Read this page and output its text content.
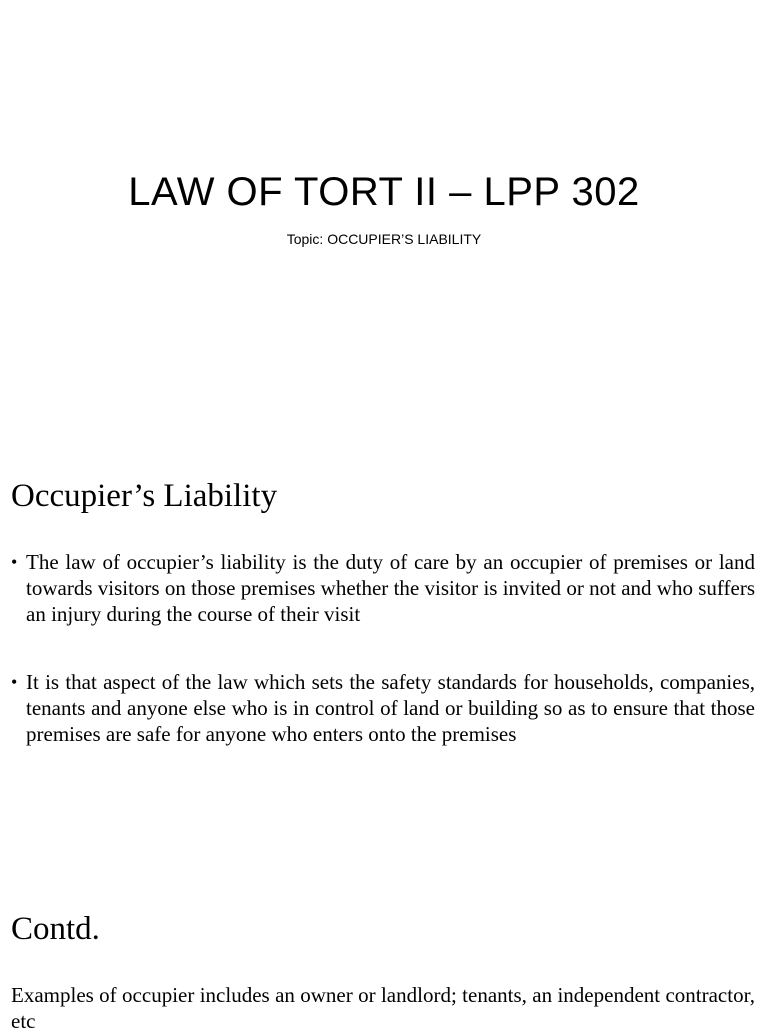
LAW OF TORT II – LPP 302

Topic: OCCUPIER’S LIABILITY

Occupier’s Liability
• The law of occupier’s liability is the duty of care by an occupier of premises or land towards visitors on those premises whether the visitor is invited or not and who suffers an injury during the course of their visit
• It is that aspect of the law which sets the safety standards for households, companies, tenants and anyone else who is in control of land or building so as to ensure that those premises are safe for anyone who enters onto the premises
Contd.

Examples of occupier includes an owner or landlord; tenants, an independent contractor, etc
